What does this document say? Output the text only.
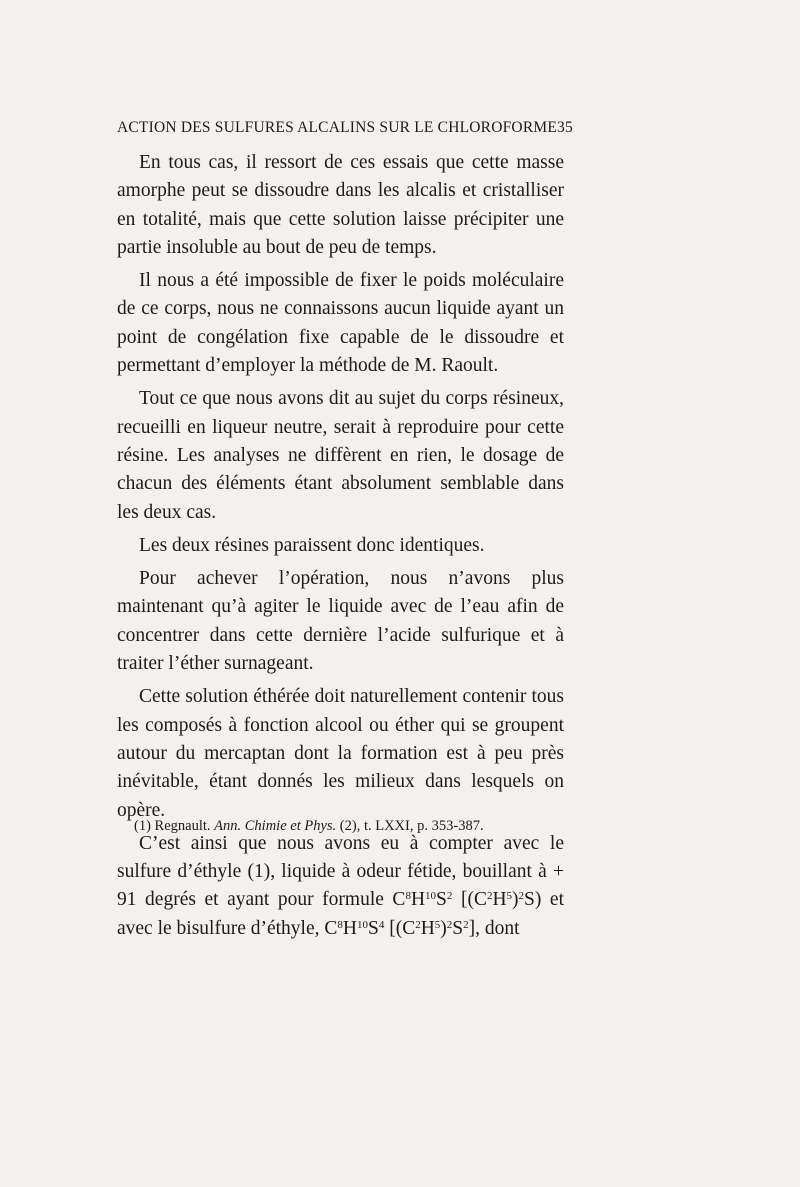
ACTION DES SULFURES ALCALINS SUR LE CHLOROFORME 35

En tous cas, il ressort de ces essais que cette masse amorphe peut se dissoudre dans les alcalis et cristalliser en totalité, mais que cette solution laisse précipiter une partie insoluble au bout de peu de temps.

Il nous a été impossible de fixer le poids moléculaire de ce corps, nous ne connaissons aucun liquide ayant un point de congélation fixe capable de le dissoudre et permettant d’employer la méthode de M. Raoult.

Tout ce que nous avons dit au sujet du corps résineux, recueilli en liqueur neutre, serait à reproduire pour cette résine. Les analyses ne diffèrent en rien, le dosage de chacun des éléments étant absolument semblable dans les deux cas.

Les deux résines paraissent donc identiques.

Pour achever l’opération, nous n’avons plus maintenant qu’à agiter le liquide avec de l’eau afin de concentrer dans cette dernière l’acide sulfurique et à traiter l’éther surnageant.

Cette solution éthérée doit naturellement contenir tous les composés à fonction alcool ou éther qui se groupent autour du mercaptan dont la formation est à peu près inévitable, étant donnés les milieux dans lesquels on opère.

C’est ainsi que nous avons eu à compter avec le sulfure d’éthyle (1), liquide à odeur fétide, bouillant à + 91 degrés et ayant pour formule $C^8H^{10}S^2$ $[(C^2H^5)^2S)$ et avec le bisulfure d’éthyle, $C^8H^{10}S^4$ $[(C^2H^5)^2S^2]$, dont

(1) Regnault. Ann. Chimie et Phys. (2), t. LXXI, p. 353-387.
